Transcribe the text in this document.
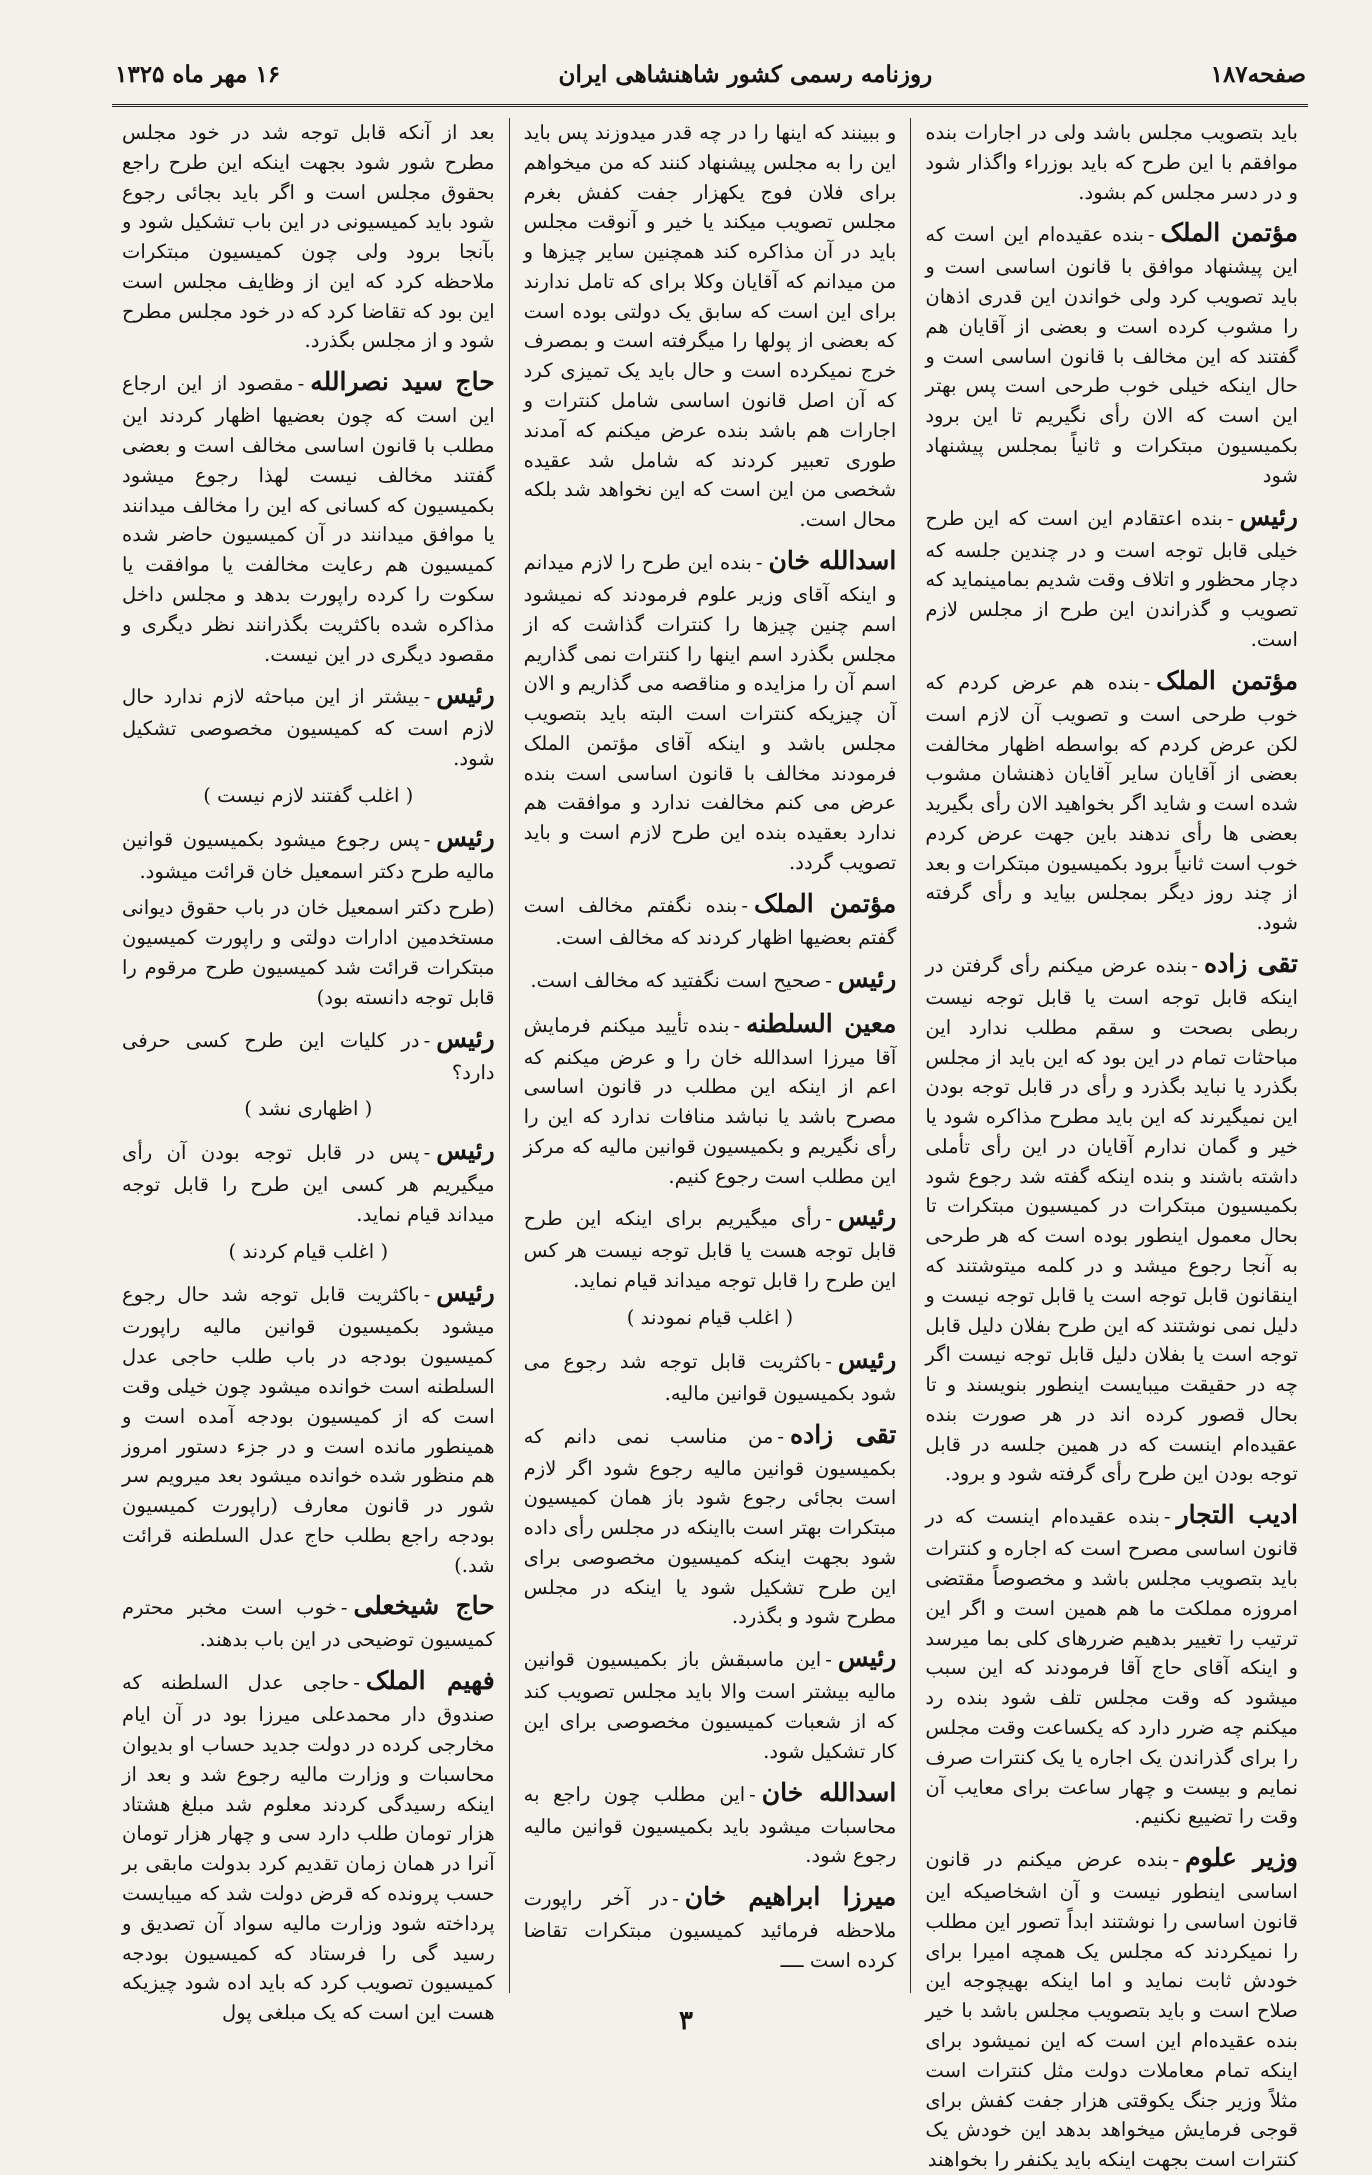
صفحه۱۸۷
روزنامه رسمی کشور شاهنشاهی ایران
۱۶ مهر ماه ۱۳۲۵
باید بتصویب مجلس باشد ولی در اجارات بنده موافقم با این طرح که باید بوزراء واگذار شود و در دسر مجلس کم بشود.
مؤتمن الملک-بنده عقیده‌ام این است که این پیشنهاد موافق با قانون اساسی است و باید تصویب کرد ولی خواندن این قدری اذهان را مشوب کرده است و بعضی از آقایان هم گفتند که این مخالف با قانون اساسی است و حال اینکه خیلی خوب طرحی است پس بهتر این است که الان رأی نگیریم تا این برود بکمیسیون مبتکرات و ثانیاً بمجلس پیشنهاد شود
رئیس-بنده اعتقادم این است که این طرح خیلی قابل توجه است و در چندین جلسه که دچار محظور و اتلاف وقت شدیم بمامینماید که تصویب و گذراندن این طرح از مجلس لازم است.
مؤتمن الملک-بنده هم عرض کردم که خوب طرحی است و تصویب آن لازم است لکن عرض کردم که بواسطه اظهار مخالفت بعضی از آقایان سایر آقایان ذهنشان مشوب شده است و شاید اگر بخواهید الان رأی بگیرید بعضی ها رأی ندهند باین جهت عرض کردم خوب است ثانیاً برود بکمیسیون مبتکرات و بعد از چند روز دیگر بمجلس بیاید و رأی گرفته شود.
تقی زاده-بنده عرض میکنم رأی گرفتن در اینکه قابل توجه است یا قابل توجه نیست ربطی بصحت و سقم مطلب ندارد این مباحثات تمام در این بود که این باید از مجلس بگذرد یا نباید بگذرد و رأی در قابل توجه بودن این نمیگیرند که این باید مطرح مذاکره شود یا خیر و گمان ندارم آقایان در این رأی تأملی داشته باشند و بنده اینکه گفته شد رجوع شود بکمیسیون مبتکرات در کمیسیون مبتکرات تا بحال معمول اینطور بوده است که هر طرحی به آنجا رجوع میشد و در کلمه میتوشتند که اینقانون قابل توجه است یا قابل توجه نیست و دلیل نمی نوشتند که این طرح بفلان دلیل قابل توجه است یا بفلان دلیل قابل توجه نیست اگر چه در حقیقت میبایست اینطور بنویسند و تا بحال قصور کرده اند در هر صورت بنده عقیده‌ام اینست که در همین جلسه در قابل توجه بودن این طرح رأی گرفته شود و برود.
ادیب التجار-بنده عقیده‌ام اینست که در قانون اساسی مصرح است که اجاره و کنترات باید بتصویب مجلس باشد و مخصوصاً مقتضی امروزه مملکت ما هم همین است و اگر این ترتیب را تغییر بدهیم ضررهای کلی بما میرسد و اینکه آقای حاج آقا فرمودند که این سبب میشود که وقت مجلس تلف شود بنده رد میکنم چه ضرر دارد که یکساعت وقت مجلس را برای گذراندن یک اجاره یا یک کنترات صرف نمایم و بیست و چهار ساعت برای معایب آن وقت را تضییع نکنیم.
وزیر علوم-بنده عرض میکنم در قانون اساسی اینطور نیست و آن اشخاصیکه این قانون اساسی را نوشتند ابداً تصور این مطلب را نمیکردند که مجلس یک همچه امیرا برای خودش ثابت نماید و اما اینکه بهیچوجه این صلاح است و باید بتصویب مجلس باشد با خیر بنده عقیده‌ام این است که این نمیشود برای اینکه تمام معاملات دولت مثل کنترات است مثلاً وزیر جنگ یکوقتی هزار جفت کفش برای قوجی فرمایش میخواهد بدهد این خودش یک کنترات است بجهت اینکه باید یکنفر را بخواهند
و ببینند که اینها را در چه قدر میدوزند پس باید این را به مجلس پیشنهاد کنند که من میخواهم برای فلان فوج یکهزار جفت کفش بغرم مجلس تصویب میکند یا خیر و آنوقت مجلس باید در آن مذاکره کند همچنین سایر چیزها و من میدانم که آقایان وکلا برای که تامل ندارند برای این است که سابق یک دولتی بوده است که بعضی از پولها را میگرفته است و بمصرف خرج نمیکرده است و حال باید یک تمیزی کرد که آن اصل قانون اساسی شامل کنترات و اجارات هم باشد بنده عرض میکنم که آمدند طوری تعبیر کردند که شامل شد عقیده شخصی من این است که این نخواهد شد بلکه محال است.
اسدالله خان-بنده این طرح را لازم میدانم و اینکه آقای وزیر علوم فرمودند که نمیشود اسم چنین چیزها را کنترات گذاشت که از مجلس بگذرد اسم اینها را کنترات نمی گذاریم اسم آن را مزایده و مناقصه می گذاریم و الان آن چیزیکه کنترات است البته باید بتصویب مجلس باشد و اینکه آقای مؤتمن الملک فرمودند مخالف با قانون اساسی است بنده عرض می کنم مخالفت ندارد و موافقت هم ندارد بعقیده بنده این طرح لازم است و باید تصویب گردد.
مؤتمن الملک-بنده نگفتم مخالف است گفتم بعضیها اظهار کردند که مخالف است.
رئیس-صحیح است نگفتید که مخالف است.
معین السلطنه-بنده تأیید میکنم فرمایش آقا میرزا اسدالله خان را و عرض میکنم که اعم از اینکه این مطلب در قانون اساسی مصرح باشد یا نباشد منافات ندارد که این را رأی نگیریم و بکمیسیون قوانین مالیه که مرکز این مطلب است رجوع کنیم.
رئیس-رأی میگیریم برای اینکه این طرح قابل توجه هست یا قابل توجه نیست هر کس این طرح را قابل توجه میداند قیام نماید.
( اغلب قیام نمودند )
رئیس-باکثریت قابل توجه شد رجوع می شود بکمیسیون قوانین مالیه.
تقی زاده-من مناسب نمی دانم که بکمیسیون قوانین مالیه رجوع شود اگر لازم است بجائی رجوع شود باز همان کمیسیون مبتکرات بهتر است بااینکه در مجلس رأی داده شود بجهت اینکه کمیسیون مخصوصی برای این طرح تشکیل شود یا اینکه در مجلس مطرح شود و بگذرد.
رئیس-این ماسبقش باز بکمیسیون قوانین مالیه بیشتر است والا باید مجلس تصویب کند که از شعبات کمیسیون مخصوصی برای این کار تشکیل شود.
اسدالله خان-این مطلب چون راجع به محاسبات میشود باید بکمیسیون قوانین مالیه رجوع شود.
میرزا ابراهیم خان-در آخر راپورت ملاحظه فرمائید کمیسیون مبتکرات تقاضا کرده است ــــ
بعد از آنکه قابل توجه شد در خود مجلس مطرح شور شود بجهت اینکه این طرح راجع بحقوق مجلس است و اگر باید بجائی رجوع شود باید کمیسیونی در این باب تشکیل شود و بآنجا برود ولی چون کمیسیون مبتکرات ملاحظه کرد که این از وظایف مجلس است این بود که تقاضا کرد که در خود مجلس مطرح شود و از مجلس بگذرد.
حاج سید نصرالله-مقصود از این ارجاع این است که چون بعضیها اظهار کردند این مطلب با قانون اساسی مخالف است و بعضی گفتند مخالف نیست لهذا رجوع میشود بکمیسیون که کسانی که این را مخالف میدانند یا موافق میدانند در آن کمیسیون حاضر شده کمیسیون هم رعایت مخالفت یا موافقت یا سکوت را کرده راپورت بدهد و مجلس داخل مذاکره شده باکثریت بگذرانند نظر دیگری و مقصود دیگری در این نیست.
رئیس-بیشتر از این مباحثه لازم ندارد حال لازم است که کمیسیون مخصوصی تشکیل شود.
( اغلب گفتند لازم نیست )
رئیس-پس رجوع میشود بکمیسیون قوانین مالیه طرح دکتر اسمعیل خان قرائت میشود.
(طرح دکتر اسمعیل خان در باب حقوق دیوانی مستخدمین ادارات دولتی و راپورت کمیسیون مبتکرات قرائت شد کمیسیون طرح مرقوم را قابل توجه دانسته بود)
رئیس-در کلیات این طرح کسی حرفی دارد؟
( اظهاری نشد )
رئیس-پس در قابل توجه بودن آن رأی میگیریم هر کسی این طرح را قابل توجه میداند قیام نماید.
( اغلب قیام کردند )
رئیس-باکثریت قابل توجه شد حال رجوع میشود بکمیسیون قوانین مالیه راپورت کمیسیون بودجه در باب طلب حاجی عدل السلطنه است خوانده میشود چون خیلی وقت است که از کمیسیون بودجه آمده است و همینطور مانده است و در جزء دستور امروز هم منظور شده خوانده میشود بعد میرویم سر شور در قانون معارف (راپورت کمیسیون بودجه راجع بطلب حاج عدل السلطنه قرائت شد.)
حاج شیخعلی-خوب است مخبر محترم کمیسیون توضیحی در این باب بدهند.
فهیم الملک-حاجی عدل السلطنه که صندوق دار محمدعلی میرزا بود در آن ایام مخارجی کرده در دولت جدید حساب او بدیوان محاسبات و وزارت مالیه رجوع شد و بعد از اینکه رسیدگی کردند معلوم شد مبلغ هشتاد هزار تومان طلب دارد سی و چهار هزار تومان آنرا در همان زمان تقدیم کرد بدولت مابقی بر حسب پرونده که قرض دولت شد که میبایست پرداخته شود وزارت مالیه سواد آن تصدیق و رسید گی را فرستاد که کمیسیون بودجه کمیسیون تصویب کرد که باید اده شود چیزیکه هست این است که یک مبلغی پول	۳
